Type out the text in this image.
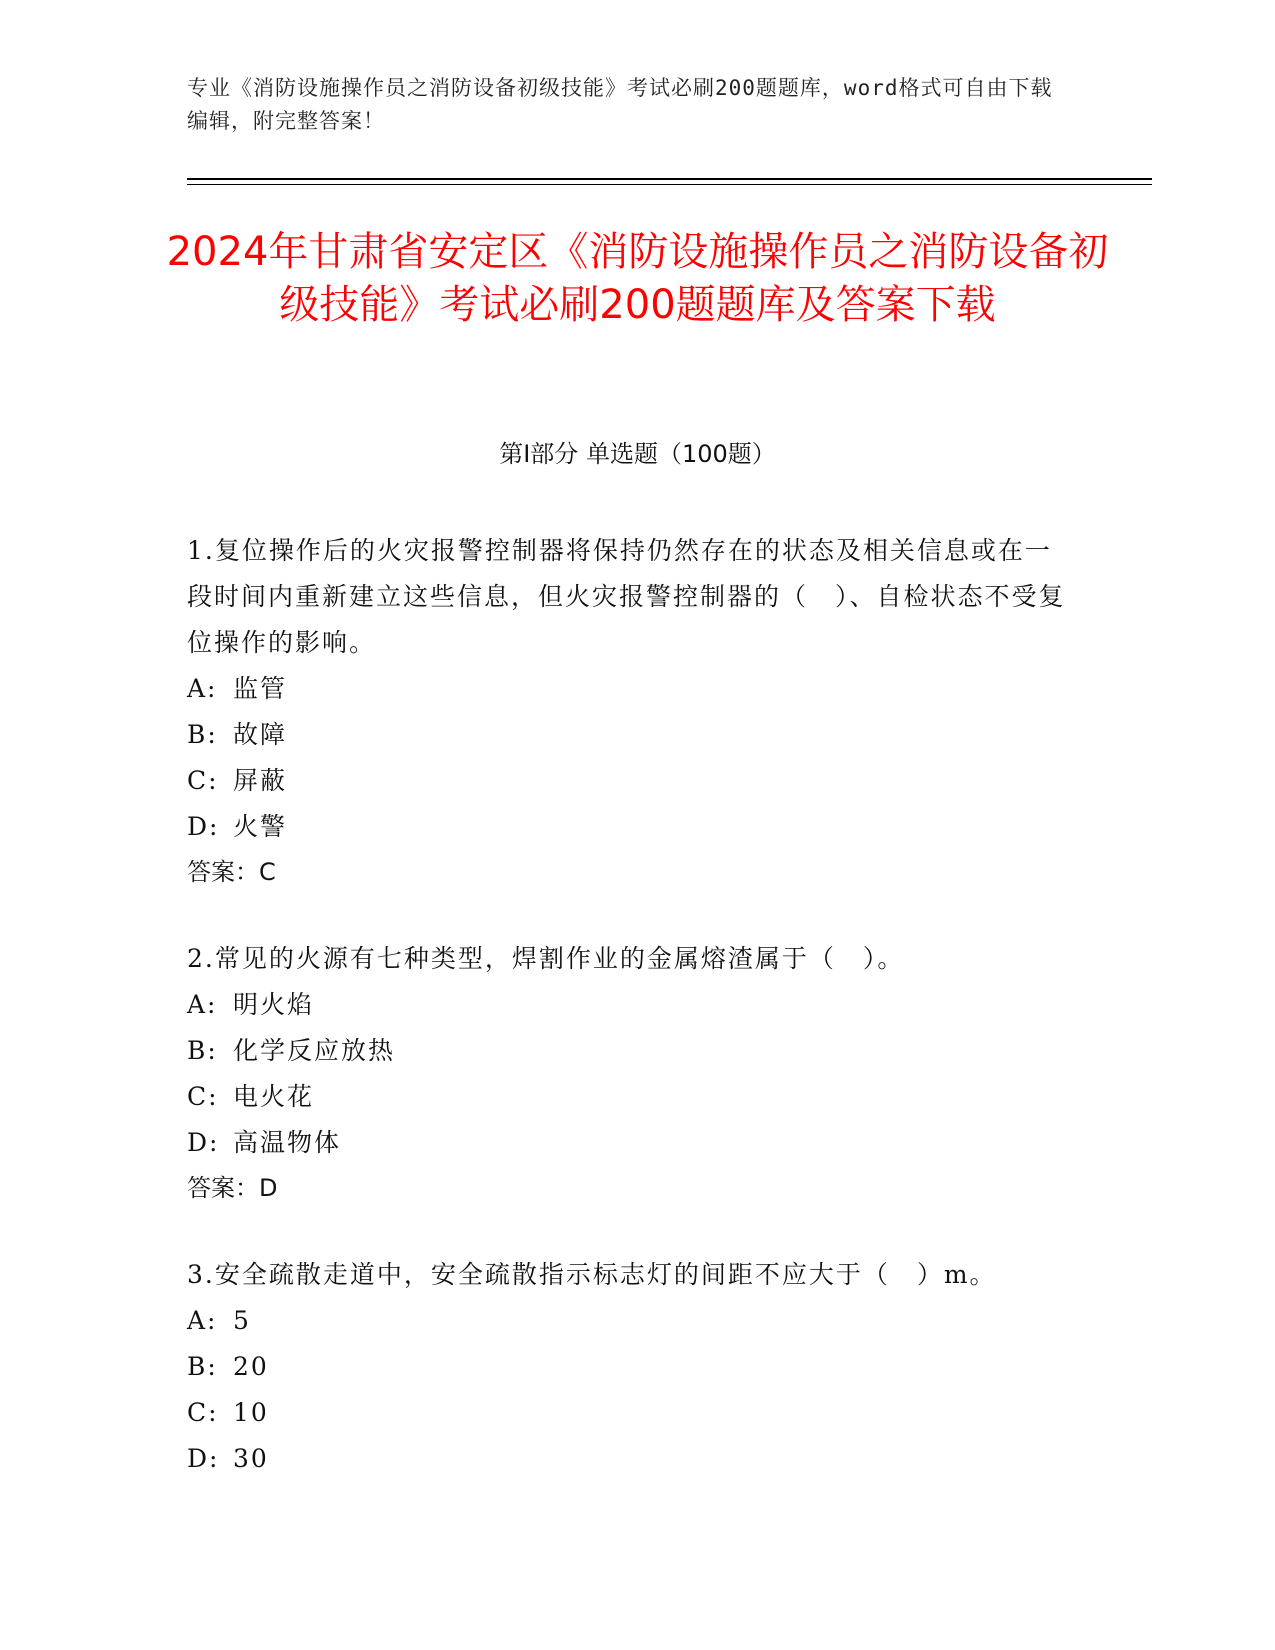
专业《消防设施操作员之消防设备初级技能》考试必刷200题题库，word格式可自由下载编辑，附完整答案！
2024年甘肃省安定区《消防设施操作员之消防设备初级技能》考试必刷200题题库及答案下载
第I部分 单选题（100题）

1.复位操作后的火灾报警控制器将保持仍然存在的状态及相关信息或在一段时间内重新建立这些信息，但火灾报警控制器的（　）、自检状态不受复位操作的影响。

A: 监管

B: 故障

C: 屏蔽

D: 火警

答案：C

2.常见的火源有七种类型，焊割作业的金属熔渣属于（　）。

A: 明火焰

B: 化学反应放热

C: 电火花

D: 高温物体

答案：D

3.安全疏散走道中，安全疏散指示标志灯的间距不应大于（　）m。

A: 5

B: 20

C: 10

D: 30
